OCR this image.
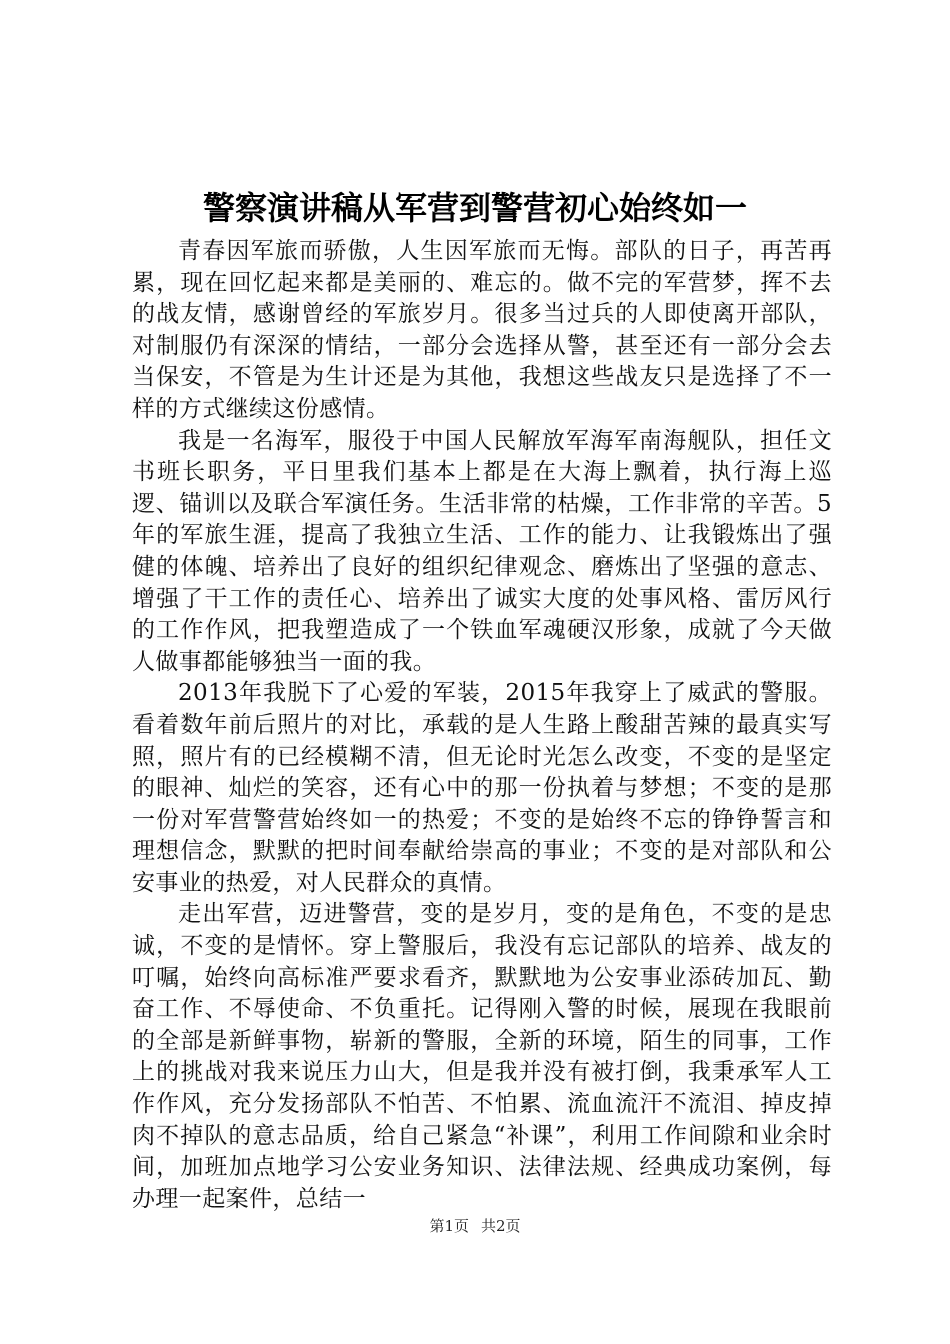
警察演讲稿从军营到警营初心始终如一

青春因军旅而骄傲，人生因军旅而无悔。部队的日子，再苦再累，现在回忆起来都是美丽的、难忘的。做不完的军营梦，挥不去的战友情，感谢曾经的军旅岁月。很多当过兵的人即使离开部队，对制服仍有深深的情结，一部分会选择从警，甚至还有一部分会去当保安，不管是为生计还是为其他，我想这些战友只是选择了不一样的方式继续这份感情。

我是一名海军，服役于中国人民解放军海军南海舰队，担任文书班长职务，平日里我们基本上都是在大海上飘着，执行海上巡逻、锚训以及联合军演任务。生活非常的枯燥，工作非常的辛苦。5年的军旅生涯，提高了我独立生活、工作的能力、让我锻炼出了强健的体魄、培养出了良好的组织纪律观念、磨炼出了坚强的意志、增强了干工作的责任心、培养出了诚实大度的处事风格、雷厉风行的工作作风，把我塑造成了一个铁血军魂硬汉形象，成就了今天做人做事都能够独当一面的我。

2013年我脱下了心爱的军装，2015年我穿上了威武的警服。看着数年前后照片的对比，承载的是人生路上酸甜苦辣的最真实写照，照片有的已经模糊不清，但无论时光怎么改变，不变的是坚定的眼神、灿烂的笑容，还有心中的那一份执着与梦想；不变的是那一份对军营警营始终如一的热爱；不变的是始终不忘的铮铮誓言和理想信念，默默的把时间奉献给崇高的事业；不变的是对部队和公安事业的热爱，对人民群众的真情。

走出军营，迈进警营，变的是岁月，变的是角色，不变的是忠诚，不变的是情怀。穿上警服后，我没有忘记部队的培养、战友的叮嘱，始终向高标准严要求看齐，默默地为公安事业添砖加瓦、勤奋工作、不辱使命、不负重托。记得刚入警的时候，展现在我眼前的全部是新鲜事物，崭新的警服，全新的环境，陌生的同事，工作上的挑战对我来说压力山大，但是我并没有被打倒，我秉承军人工作作风，充分发扬部队不怕苦、不怕累、流血流汗不流泪、掉皮掉肉不掉队的意志品质，给自己紧急“补课”，利用工作间隙和业余时间，加班加点地学习公安业务知识、法律法规、经典成功案例，每办理一起案件，总结一

第1页 共2页
